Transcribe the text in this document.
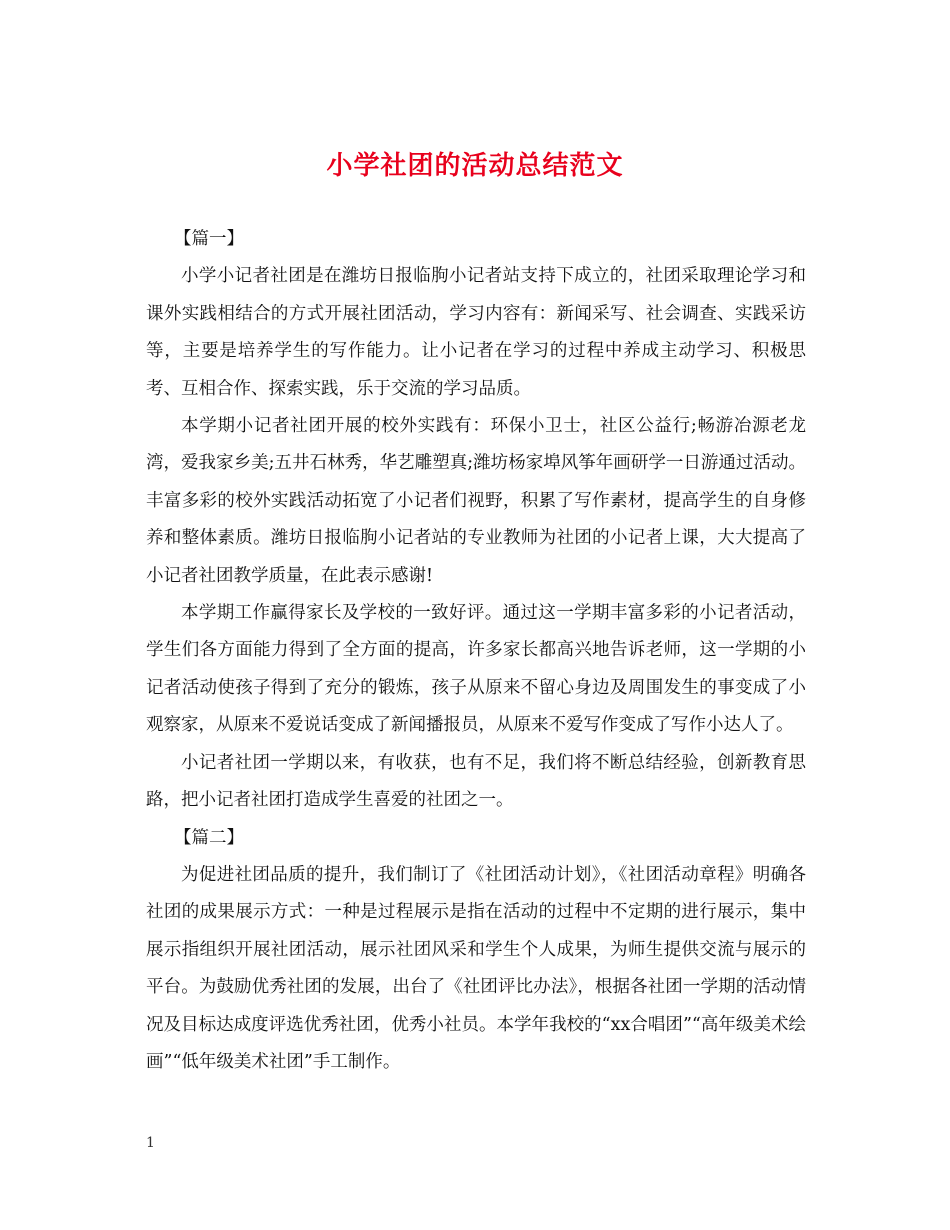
小学社团的活动总结范文

【篇一】

小学小记者社团是在潍坊日报临朐小记者站支持下成立的，社团采取理论学习和课外实践相结合的方式开展社团活动，学习内容有：新闻采写、社会调查、实践采访等，主要是培养学生的写作能力。让小记者在学习的过程中养成主动学习、积极思考、互相合作、探索实践，乐于交流的学习品质。

本学期小记者社团开展的校外实践有：环保小卫士，社区公益行;畅游冶源老龙湾，爱我家乡美;五井石林秀，华艺雕塑真;潍坊杨家埠风筝年画研学一日游通过活动。丰富多彩的校外实践活动拓宽了小记者们视野，积累了写作素材，提高学生的自身修养和整体素质。潍坊日报临朐小记者站的专业教师为社团的小记者上课，大大提高了小记者社团教学质量，在此表示感谢!

本学期工作赢得家长及学校的一致好评。通过这一学期丰富多彩的小记者活动，学生们各方面能力得到了全方面的提高，许多家长都高兴地告诉老师，这一学期的小记者活动使孩子得到了充分的锻炼，孩子从原来不留心身边及周围发生的事变成了小观察家，从原来不爱说话变成了新闻播报员，从原来不爱写作变成了写作小达人了。

小记者社团一学期以来，有收获，也有不足，我们将不断总结经验，创新教育思路，把小记者社团打造成学生喜爱的社团之一。

【篇二】

为促进社团品质的提升，我们制订了《社团活动计划》，《社团活动章程》明确各社团的成果展示方式：一种是过程展示是指在活动的过程中不定期的进行展示，集中展示指组织开展社团活动，展示社团风采和学生个人成果，为师生提供交流与展示的平台。为鼓励优秀社团的发展，出台了《社团评比办法》，根据各社团一学期的活动情况及目标达成度评选优秀社团，优秀小社员。本学年我校的“xx合唱团”“高年级美术绘画”“低年级美术社团”手工制作。

1
